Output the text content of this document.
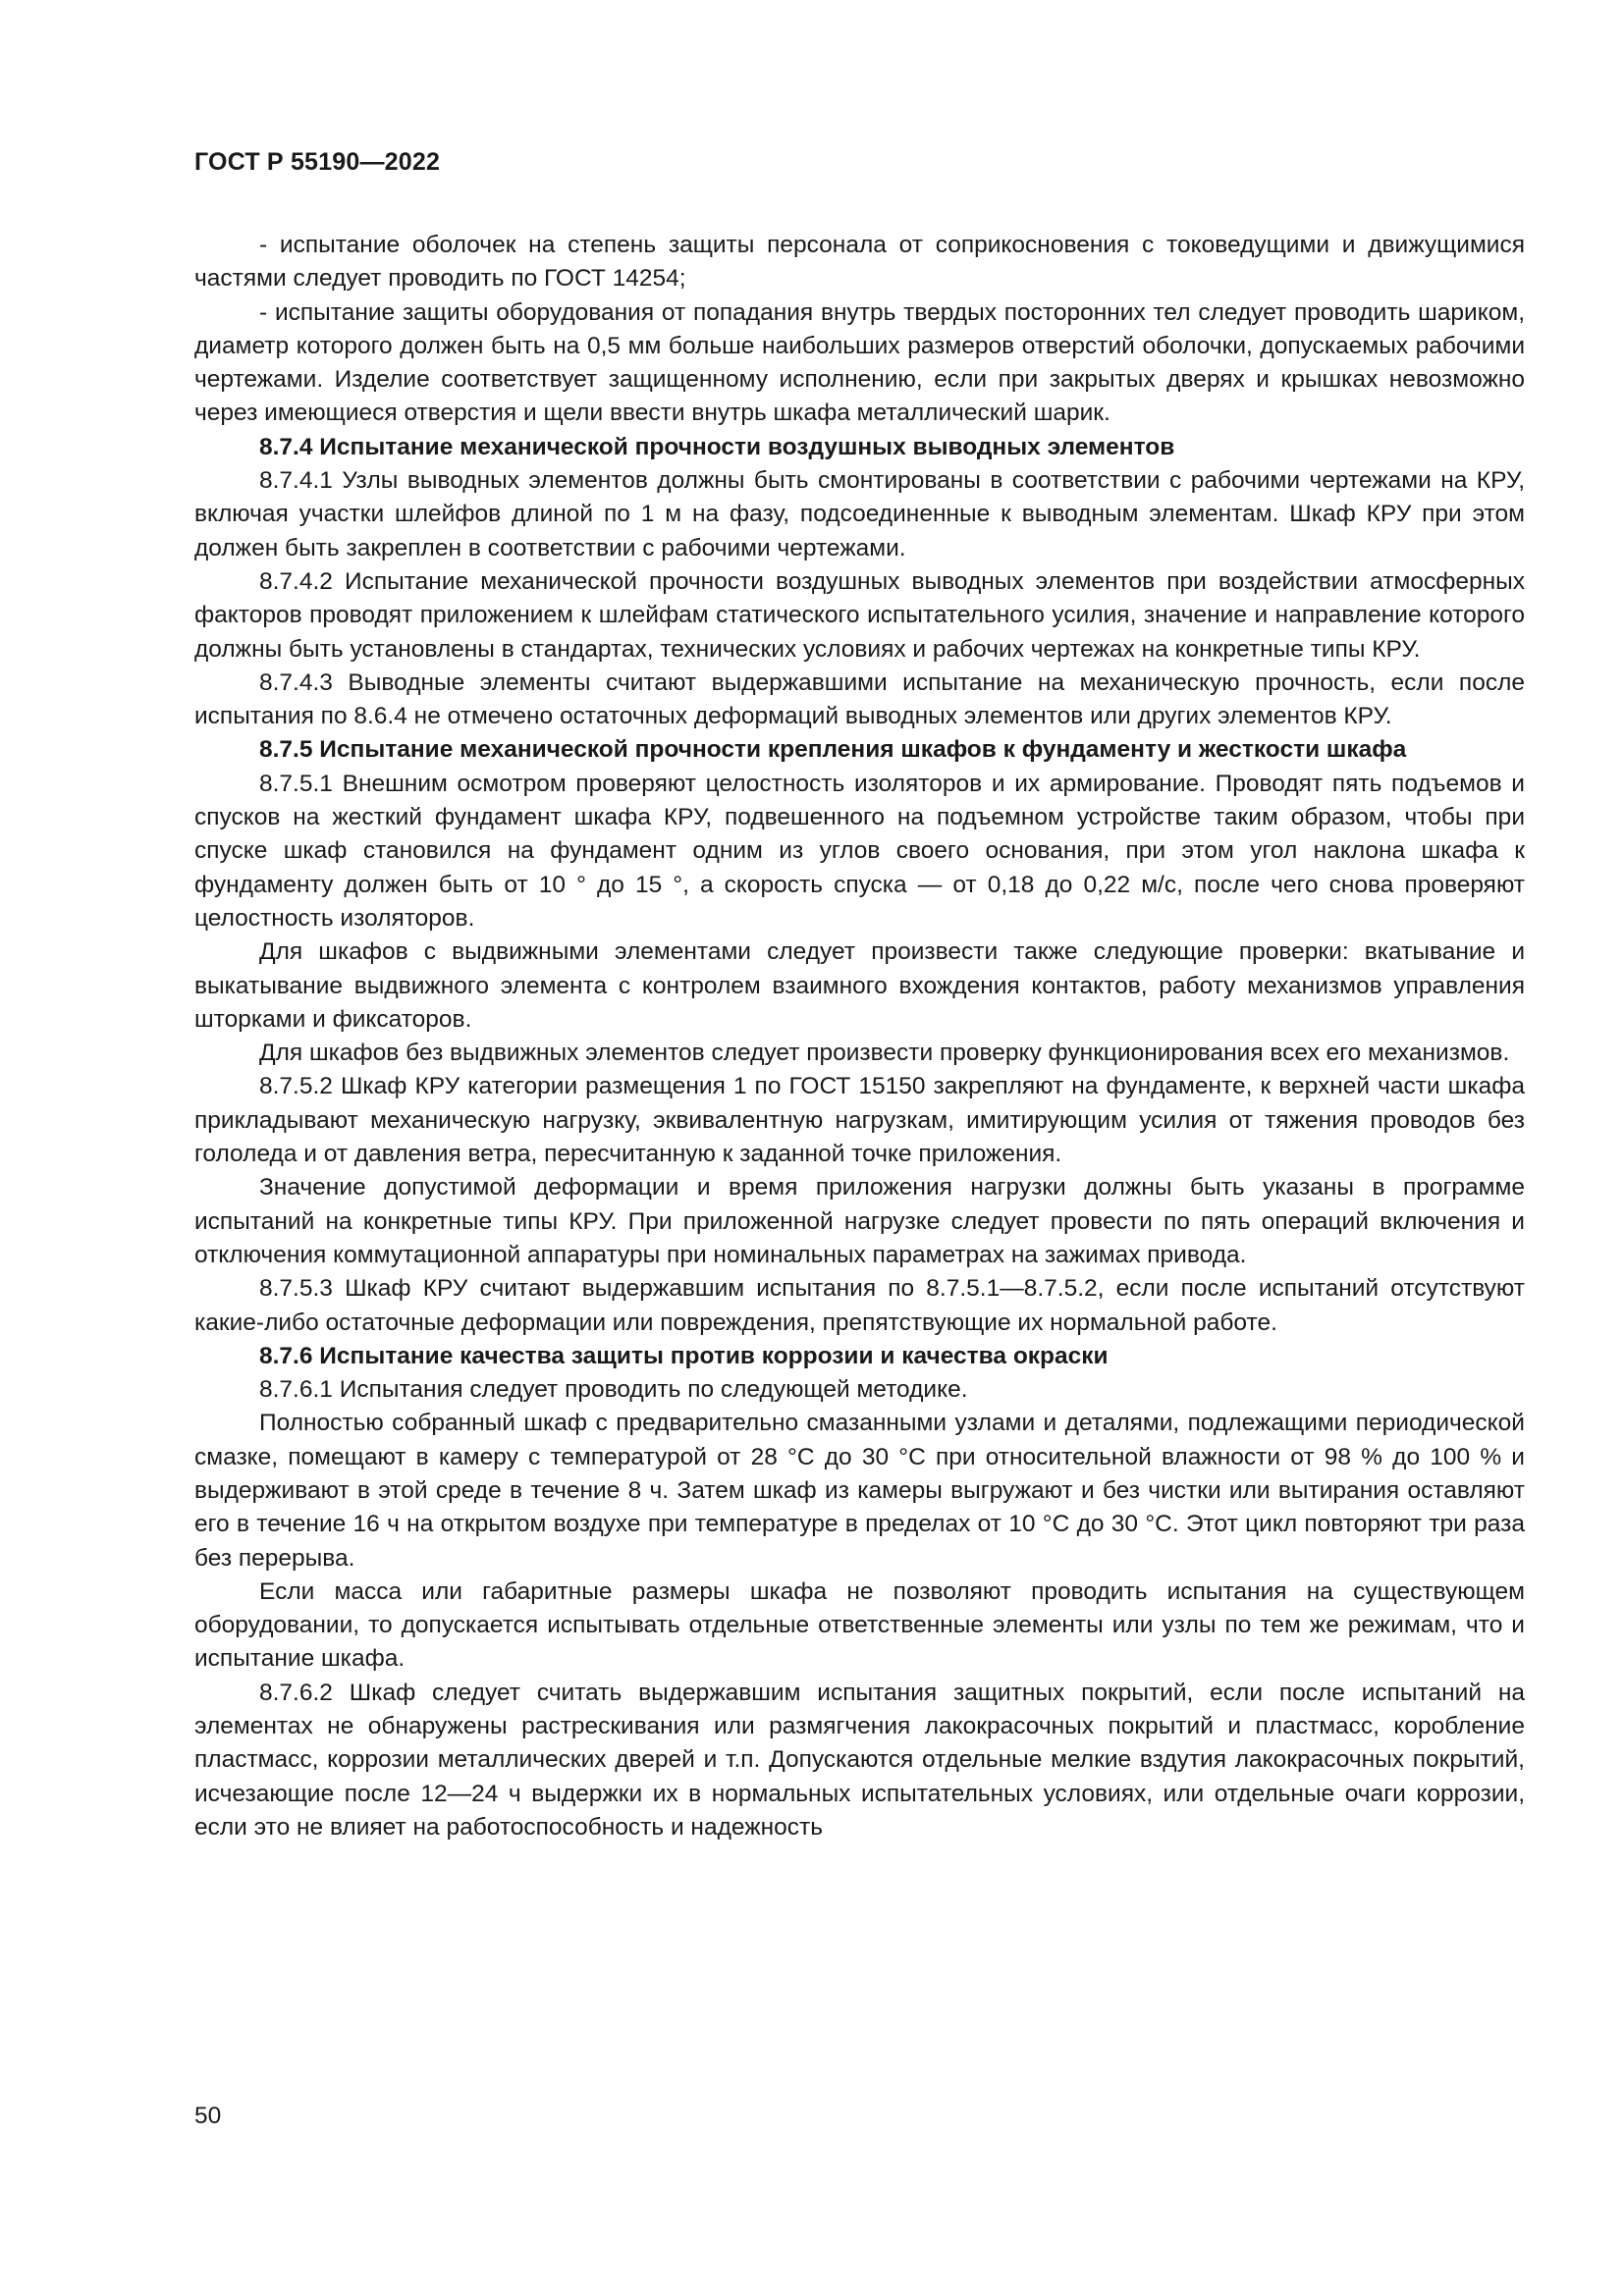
ГОСТ Р 55190—2022

- испытание оболочек на степень защиты персонала от соприкосновения с токоведущими и движущимися частями следует проводить по ГОСТ 14254;

- испытание защиты оборудования от попадания внутрь твердых посторонних тел следует проводить шариком, диаметр которого должен быть на 0,5 мм больше наибольших размеров отверстий оболочки, допускаемых рабочими чертежами. Изделие соответствует защищенному исполнению, если при закрытых дверях и крышках невозможно через имеющиеся отверстия и щели ввести внутрь шкафа металлический шарик.

8.7.4 Испытание механической прочности воздушных выводных элементов

8.7.4.1 Узлы выводных элементов должны быть смонтированы в соответствии с рабочими чертежами на КРУ, включая участки шлейфов длиной по 1 м на фазу, подсоединенные к выводным элементам. Шкаф КРУ при этом должен быть закреплен в соответствии с рабочими чертежами.

8.7.4.2 Испытание механической прочности воздушных выводных элементов при воздействии атмосферных факторов проводят приложением к шлейфам статического испытательного усилия, значение и направление которого должны быть установлены в стандартах, технических условиях и рабочих чертежах на конкретные типы КРУ.

8.7.4.3 Выводные элементы считают выдержавшими испытание на механическую прочность, если после испытания по 8.6.4 не отмечено остаточных деформаций выводных элементов или других элементов КРУ.

8.7.5 Испытание механической прочности крепления шкафов к фундаменту и жесткости шкафа

8.7.5.1 Внешним осмотром проверяют целостность изоляторов и их армирование. Проводят пять подъемов и спусков на жесткий фундамент шкафа КРУ, подвешенного на подъемном устройстве таким образом, чтобы при спуске шкаф становился на фундамент одним из углов своего основания, при этом угол наклона шкафа к фундаменту должен быть от 10 ° до 15 °, а скорость спуска — от 0,18 до 0,22 м/с, после чего снова проверяют целостность изоляторов.

Для шкафов с выдвижными элементами следует произвести также следующие проверки: вкатывание и выкатывание выдвижного элемента с контролем взаимного вхождения контактов, работу механизмов управления шторками и фиксаторов.

Для шкафов без выдвижных элементов следует произвести проверку функционирования всех его механизмов.

8.7.5.2 Шкаф КРУ категории размещения 1 по ГОСТ 15150 закрепляют на фундаменте, к верхней части шкафа прикладывают механическую нагрузку, эквивалентную нагрузкам, имитирующим усилия от тяжения проводов без гололеда и от давления ветра, пересчитанную к заданной точке приложения.

Значение допустимой деформации и время приложения нагрузки должны быть указаны в программе испытаний на конкретные типы КРУ. При приложенной нагрузке следует провести по пять операций включения и отключения коммутационной аппаратуры при номинальных параметрах на зажимах привода.

8.7.5.3 Шкаф КРУ считают выдержавшим испытания по 8.7.5.1—8.7.5.2, если после испытаний отсутствуют какие-либо остаточные деформации или повреждения, препятствующие их нормальной работе.

8.7.6 Испытание качества защиты против коррозии и качества окраски

8.7.6.1 Испытания следует проводить по следующей методике.

Полностью собранный шкаф с предварительно смазанными узлами и деталями, подлежащими периодической смазке, помещают в камеру с температурой от 28 °С до 30 °С при относительной влажности от 98 % до 100 % и выдерживают в этой среде в течение 8 ч. Затем шкаф из камеры выгружают и без чистки или вытирания оставляют его в течение 16 ч на открытом воздухе при температуре в пределах от 10 °С до 30 °С. Этот цикл повторяют три раза без перерыва.

Если масса или габаритные размеры шкафа не позволяют проводить испытания на существующем оборудовании, то допускается испытывать отдельные ответственные элементы или узлы по тем же режимам, что и испытание шкафа.

8.7.6.2 Шкаф следует считать выдержавшим испытания защитных покрытий, если после испытаний на элементах не обнаружены растрескивания или размягчения лакокрасочных покрытий и пластмасс, коробление пластмасс, коррозии металлических дверей и т.п. Допускаются отдельные мелкие вздутия лакокрасочных покрытий, исчезающие после 12—24 ч выдержки их в нормальных испытательных условиях, или отдельные очаги коррозии, если это не влияет на работоспособность и надежность

50
